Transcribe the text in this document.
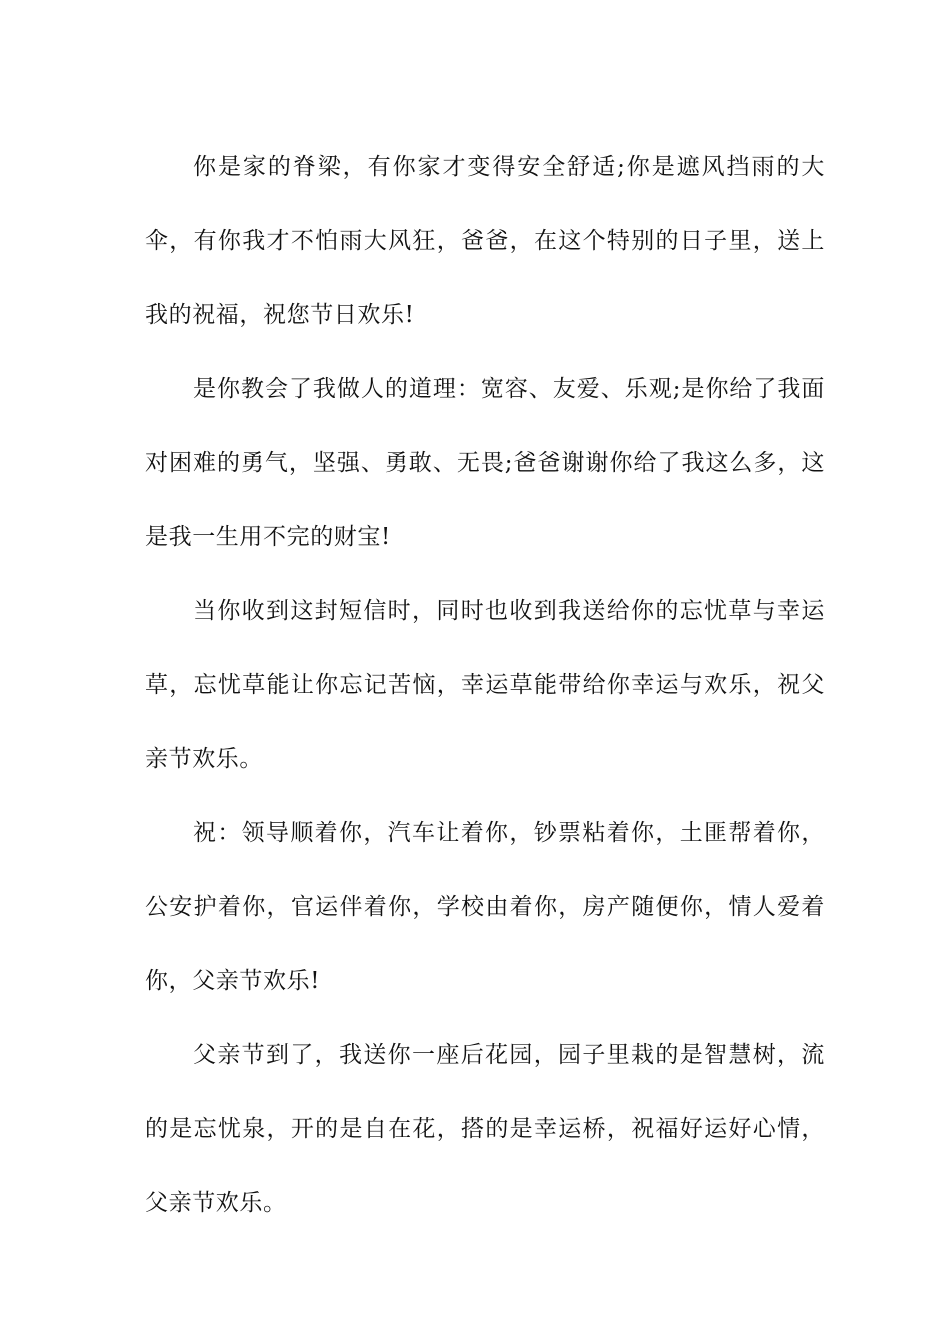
你是家的脊梁，有你家才变得安全舒适;你是遮风挡雨的大伞，有你我才不怕雨大风狂，爸爸，在这个特别的日子里，送上我的祝福，祝您节日欢乐!

是你教会了我做人的道理：宽容、友爱、乐观;是你给了我面对困难的勇气，坚强、勇敢、无畏;爸爸谢谢你给了我这么多，这是我一生用不完的财宝!

当你收到这封短信时，同时也收到我送给你的忘忧草与幸运草，忘忧草能让你忘记苦恼，幸运草能带给你幸运与欢乐，祝父亲节欢乐。

祝：领导顺着你，汽车让着你，钞票粘着你，土匪帮着你，公安护着你，官运伴着你，学校由着你，房产随便你，情人爱着你，父亲节欢乐!

父亲节到了，我送你一座后花园，园子里栽的是智慧树，流的是忘忧泉，开的是自在花，搭的是幸运桥，祝福好运好心情，父亲节欢乐。
